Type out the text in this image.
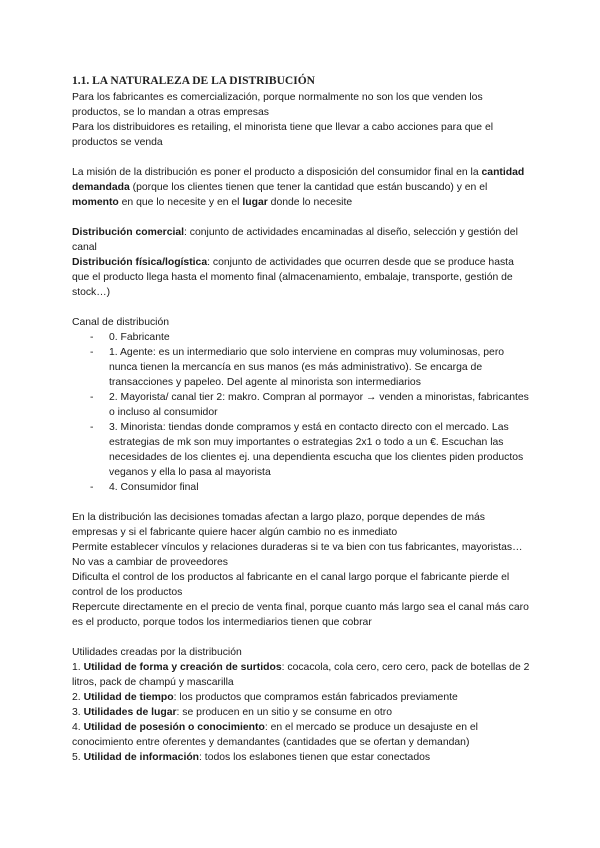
1.1. LA NATURALEZA DE LA DISTRIBUCIÓN

Para los fabricantes es comercialización, porque normalmente no son los que venden los productos, se lo mandan a otras empresas

Para los distribuidores es retailing, el minorista tiene que llevar a cabo acciones para que el productos se venda

La misión de la distribución es poner el producto a disposición del consumidor final en la cantidad demandada (porque los clientes tienen que tener la cantidad que están buscando) y en el momento en que lo necesite y en el lugar donde lo necesite

Distribución comercial: conjunto de actividades encaminadas al diseño, selección y gestión del canal

Distribución física/logística: conjunto de actividades que ocurren desde que se produce hasta que el producto llega hasta el momento final (almacenamiento, embalaje, transporte, gestión de stock…)

Canal de distribución

- 0. Fabricante
- 1. Agente: es un intermediario que solo interviene en compras muy voluminosas, pero nunca tienen la mercancía en sus manos (es más administrativo). Se encarga de transacciones y papeleo. Del agente al minorista son intermediarios
- 2. Mayorista/ canal tier 2: makro. Compran al pormayor → venden a minoristas, fabricantes o incluso al consumidor
- 3. Minorista: tiendas donde compramos y está en contacto directo con el mercado. Las estrategias de mk son muy importantes o estrategias 2x1 o todo a un €. Escuchan las necesidades de los clientes ej. una dependienta escucha que los clientes piden productos veganos y ella lo pasa al mayorista
- 4. Consumidor final

En la distribución las decisiones tomadas afectan a largo plazo, porque dependes de más empresas y si el fabricante quiere hacer algún cambio no es inmediato

Permite establecer vínculos y relaciones duraderas si te va bien con tus fabricantes, mayoristas… No vas a cambiar de proveedores

Dificulta el control de los productos al fabricante en el canal largo porque el fabricante pierde el control de los productos

Repercute directamente en el precio de venta final, porque cuanto más largo sea el canal más caro es el producto, porque todos los intermediarios tienen que cobrar

Utilidades creadas por la distribución

1. Utilidad de forma y creación de surtidos: cocacola, cola cero, cero cero, pack de botellas de 2 litros, pack de champú y mascarilla

2. Utilidad de tiempo: los productos que compramos están fabricados previamente

3. Utilidades de lugar: se producen en un sitio y se consume en otro

4. Utilidad de posesión o conocimiento: en el mercado se produce un desajuste en el conocimiento entre oferentes y demandantes (cantidades que se ofertan y demandan)

5. Utilidad de información: todos los eslabones tienen que estar conectados
